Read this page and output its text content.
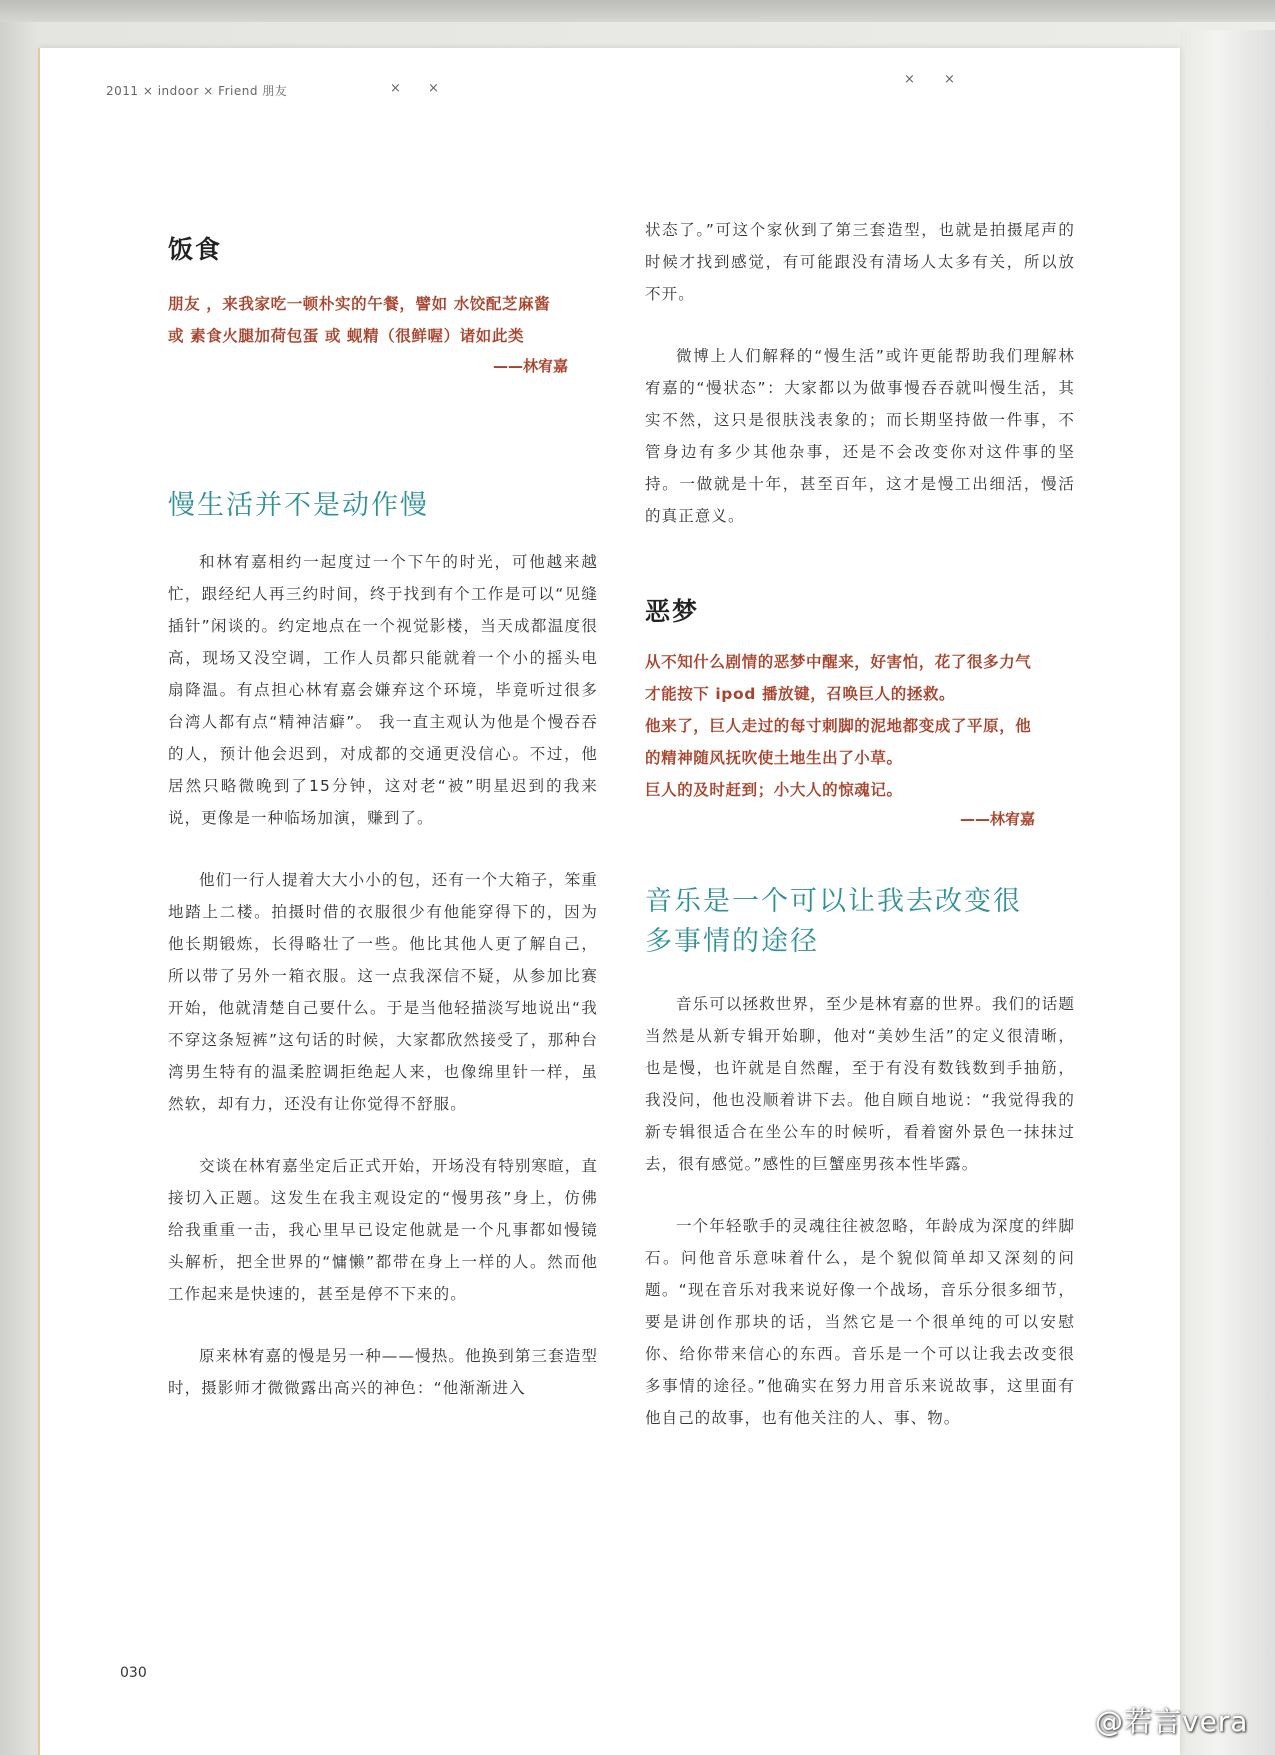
2011 × indoor × Friend 朋友	× ×
× ×
饭食
朋友 ，来我家吃一顿朴实的午餐，譬如 水饺配芝麻酱
或 素食火腿加荷包蛋 或 蚬精（很鲜喔）诸如此类
——林宥嘉
慢生活并不是动作慢

和林宥嘉相约一起度过一个下午的时光，可他越来越忙，跟经纪人再三约时间，终于找到有个工作是可以“见缝插针”闲谈的。约定地点在一个视觉影楼，当天成都温度很高，现场又没空调，工作人员都只能就着一个小的摇头电扇降温。有点担心林宥嘉会嫌弃这个环境，毕竟听过很多台湾人都有点“精神洁癖”。 我一直主观认为他是个慢吞吞的人，预计他会迟到，对成都的交通更没信心。不过，他居然只略微晚到了15分钟，这对老“被”明星迟到的我来说，更像是一种临场加演，赚到了。

他们一行人提着大大小小的包，还有一个大箱子，笨重地踏上二楼。拍摄时借的衣服很少有他能穿得下的，因为他长期锻炼，长得略壮了一些。他比其他人更了解自己，所以带了另外一箱衣服。这一点我深信不疑，从参加比赛开始，他就清楚自己要什么。于是当他轻描淡写地说出“我不穿这条短裤”这句话的时候，大家都欣然接受了，那种台湾男生特有的温柔腔调拒绝起人来，也像绵里针一样，虽然软，却有力，还没有让你觉得不舒服。

交谈在林宥嘉坐定后正式开始，开场没有特别寒暄，直接切入正题。这发生在我主观设定的“慢男孩”身上，仿佛给我重重一击，我心里早已设定他就是一个凡事都如慢镜头解析，把全世界的“慵懒”都带在身上一样的人。然而他工作起来是快速的，甚至是停不下来的。

原来林宥嘉的慢是另一种——慢热。他换到第三套造型时，摄影师才微微露出高兴的神色：“他渐渐进入

030

状态了。”可这个家伙到了第三套造型，也就是拍摄尾声的时候才找到感觉，有可能跟没有清场人太多有关，所以放不开。

微博上人们解释的“慢生活”或许更能帮助我们理解林宥嘉的“慢状态”：大家都以为做事慢吞吞就叫慢生活，其实不然，这只是很肤浅表象的；而长期坚持做一件事，不管身边有多少其他杂事，还是不会改变你对这件事的坚持。一做就是十年，甚至百年，这才是慢工出细活，慢活的真正意义。

恶梦
从不知什么剧情的恶梦中醒来，好害怕，花了很多力气
才能按下 ipod 播放键，召唤巨人的拯救。
他来了，巨人走过的每寸刺脚的泥地都变成了平原，他
的精神随风抚吹使土地生出了小草。
巨人的及时赶到；小大人的惊魂记。
——林宥嘉
音乐是一个可以让我去改变很
多事情的途径

音乐可以拯救世界，至少是林宥嘉的世界。我们的话题当然是从新专辑开始聊，他对“美妙生活”的定义很清晰，也是慢，也许就是自然醒，至于有没有数钱数到手抽筋，我没问，他也没顺着讲下去。他自顾自地说：“我觉得我的新专辑很适合在坐公车的时候听，看着窗外景色一抹抹过去，很有感觉。”感性的巨蟹座男孩本性毕露。

一个年轻歌手的灵魂往往被忽略，年龄成为深度的绊脚石。问他音乐意味着什么，是个貌似简单却又深刻的问题。“现在音乐对我来说好像一个战场，音乐分很多细节，要是讲创作那块的话，当然它是一个很单纯的可以安慰你、给你带来信心的东西。音乐是一个可以让我去改变很多事情的途径。”他确实在努力用音乐来说故事，这里面有他自己的故事，也有他关注的人、事、物。

@若言vera
